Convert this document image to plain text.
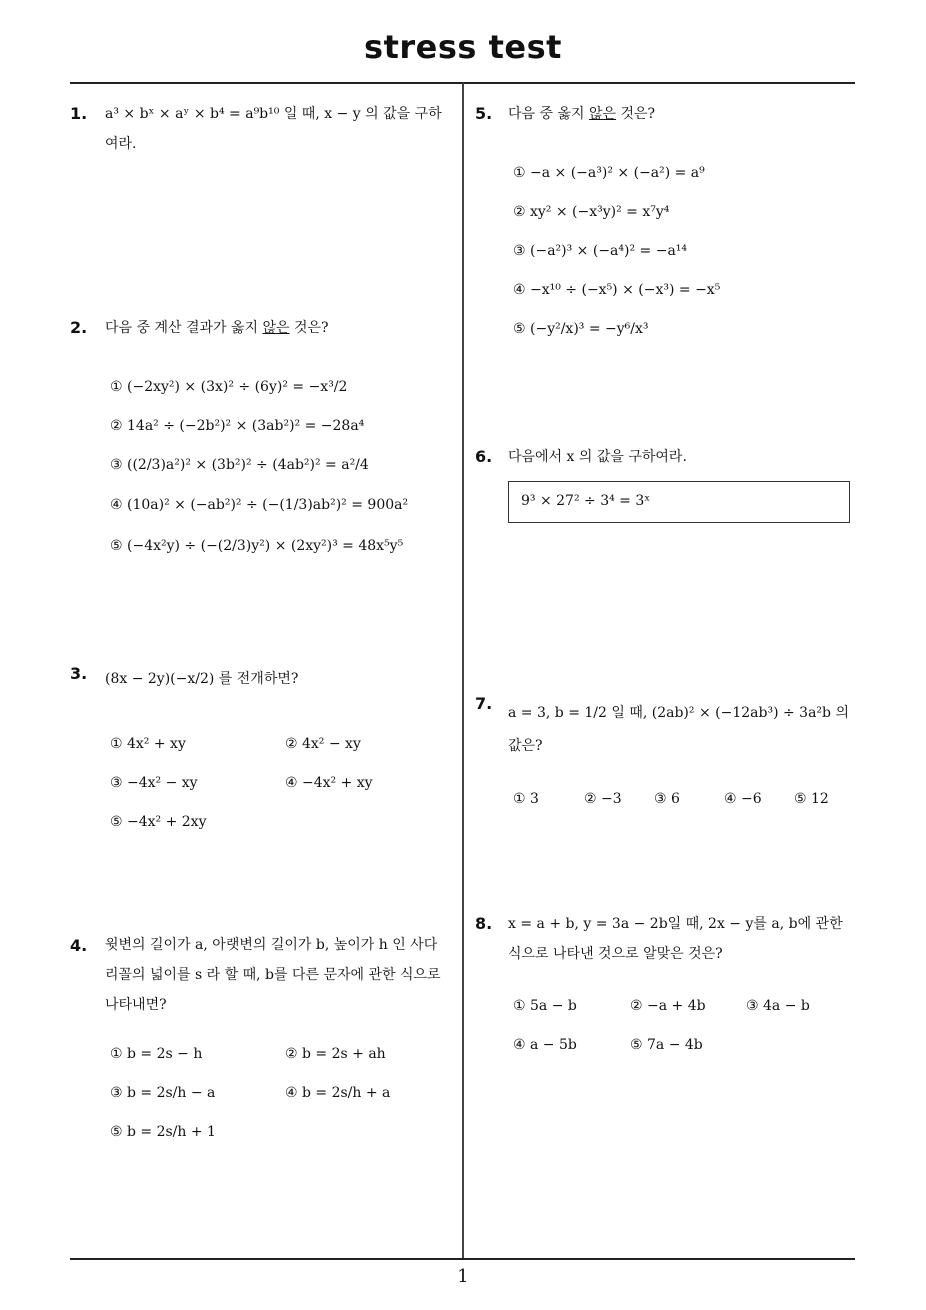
stress test
1
1. a³ × bˣ × aʸ × b⁴ = a⁹b¹⁰ 일 때, x − y 의 값을 구하
여라.
2. 다음 중 계산 결과가 옳지 않은 것은?
① (−2xy²) × (3x)² ÷ (6y)² = −x³/2
② 14a² ÷ (−2b²)² × (3ab²)² = −28a⁴
③ ((2/3)a²)² × (3b²)² ÷ (4ab²)² = a²/4
④ (10a)² × (−ab²)² ÷ (−(1/3)ab²)² = 900a²
⑤ (−4x²y) ÷ (−(2/3)y²) × (2xy²)³ = 48x⁵y⁵
3. (8x − 2y)(−x/2) 를 전개하면?
① 4x² + xy	② 4x² − xy
③ −4x² − xy	④ −4x² + xy
⑤ −4x² + 2xy
4. 윗변의 길이가 a, 아랫변의 길이가 b, 높이가 h 인 사다
리꼴의 넓이를 s 라 할 때, b를 다른 문자에 관한 식으로
나타내면?
① b = 2s − h	② b = 2s + ah
③ b = 2s/h − a	④ b = 2s/h + a
⑤ b = 2s/h + 1
5. 다음 중 옳지 않은 것은?
① −a × (−a³)² × (−a²) = a⁹
② xy² × (−x³y)² = x⁷y⁴
③ (−a²)³ × (−a⁴)² = −a¹⁴
④ −x¹⁰ ÷ (−x⁵) × (−x³) = −x⁵
⑤ (−y²/x)³ = −y⁶/x³
6. 다음에서 x 의 값을 구하여라.
9³ × 27² ÷ 3⁴ = 3ˣ
7. a = 3, b = 1/2 일 때, (2ab)² × (−12ab³) ÷ 3a²b 의
값은?
① 3	② −3 ③ 6	④ −6 ⑤ 12
8. x = a + b, y = 3a − 2b일 때, 2x − y를 a, b에 관한
식으로 나타낸 것으로 알맞은 것은?
① 5a − b	② −a + 4b	③ 4a − b
④ a − 5b	⑤ 7a − 4b
